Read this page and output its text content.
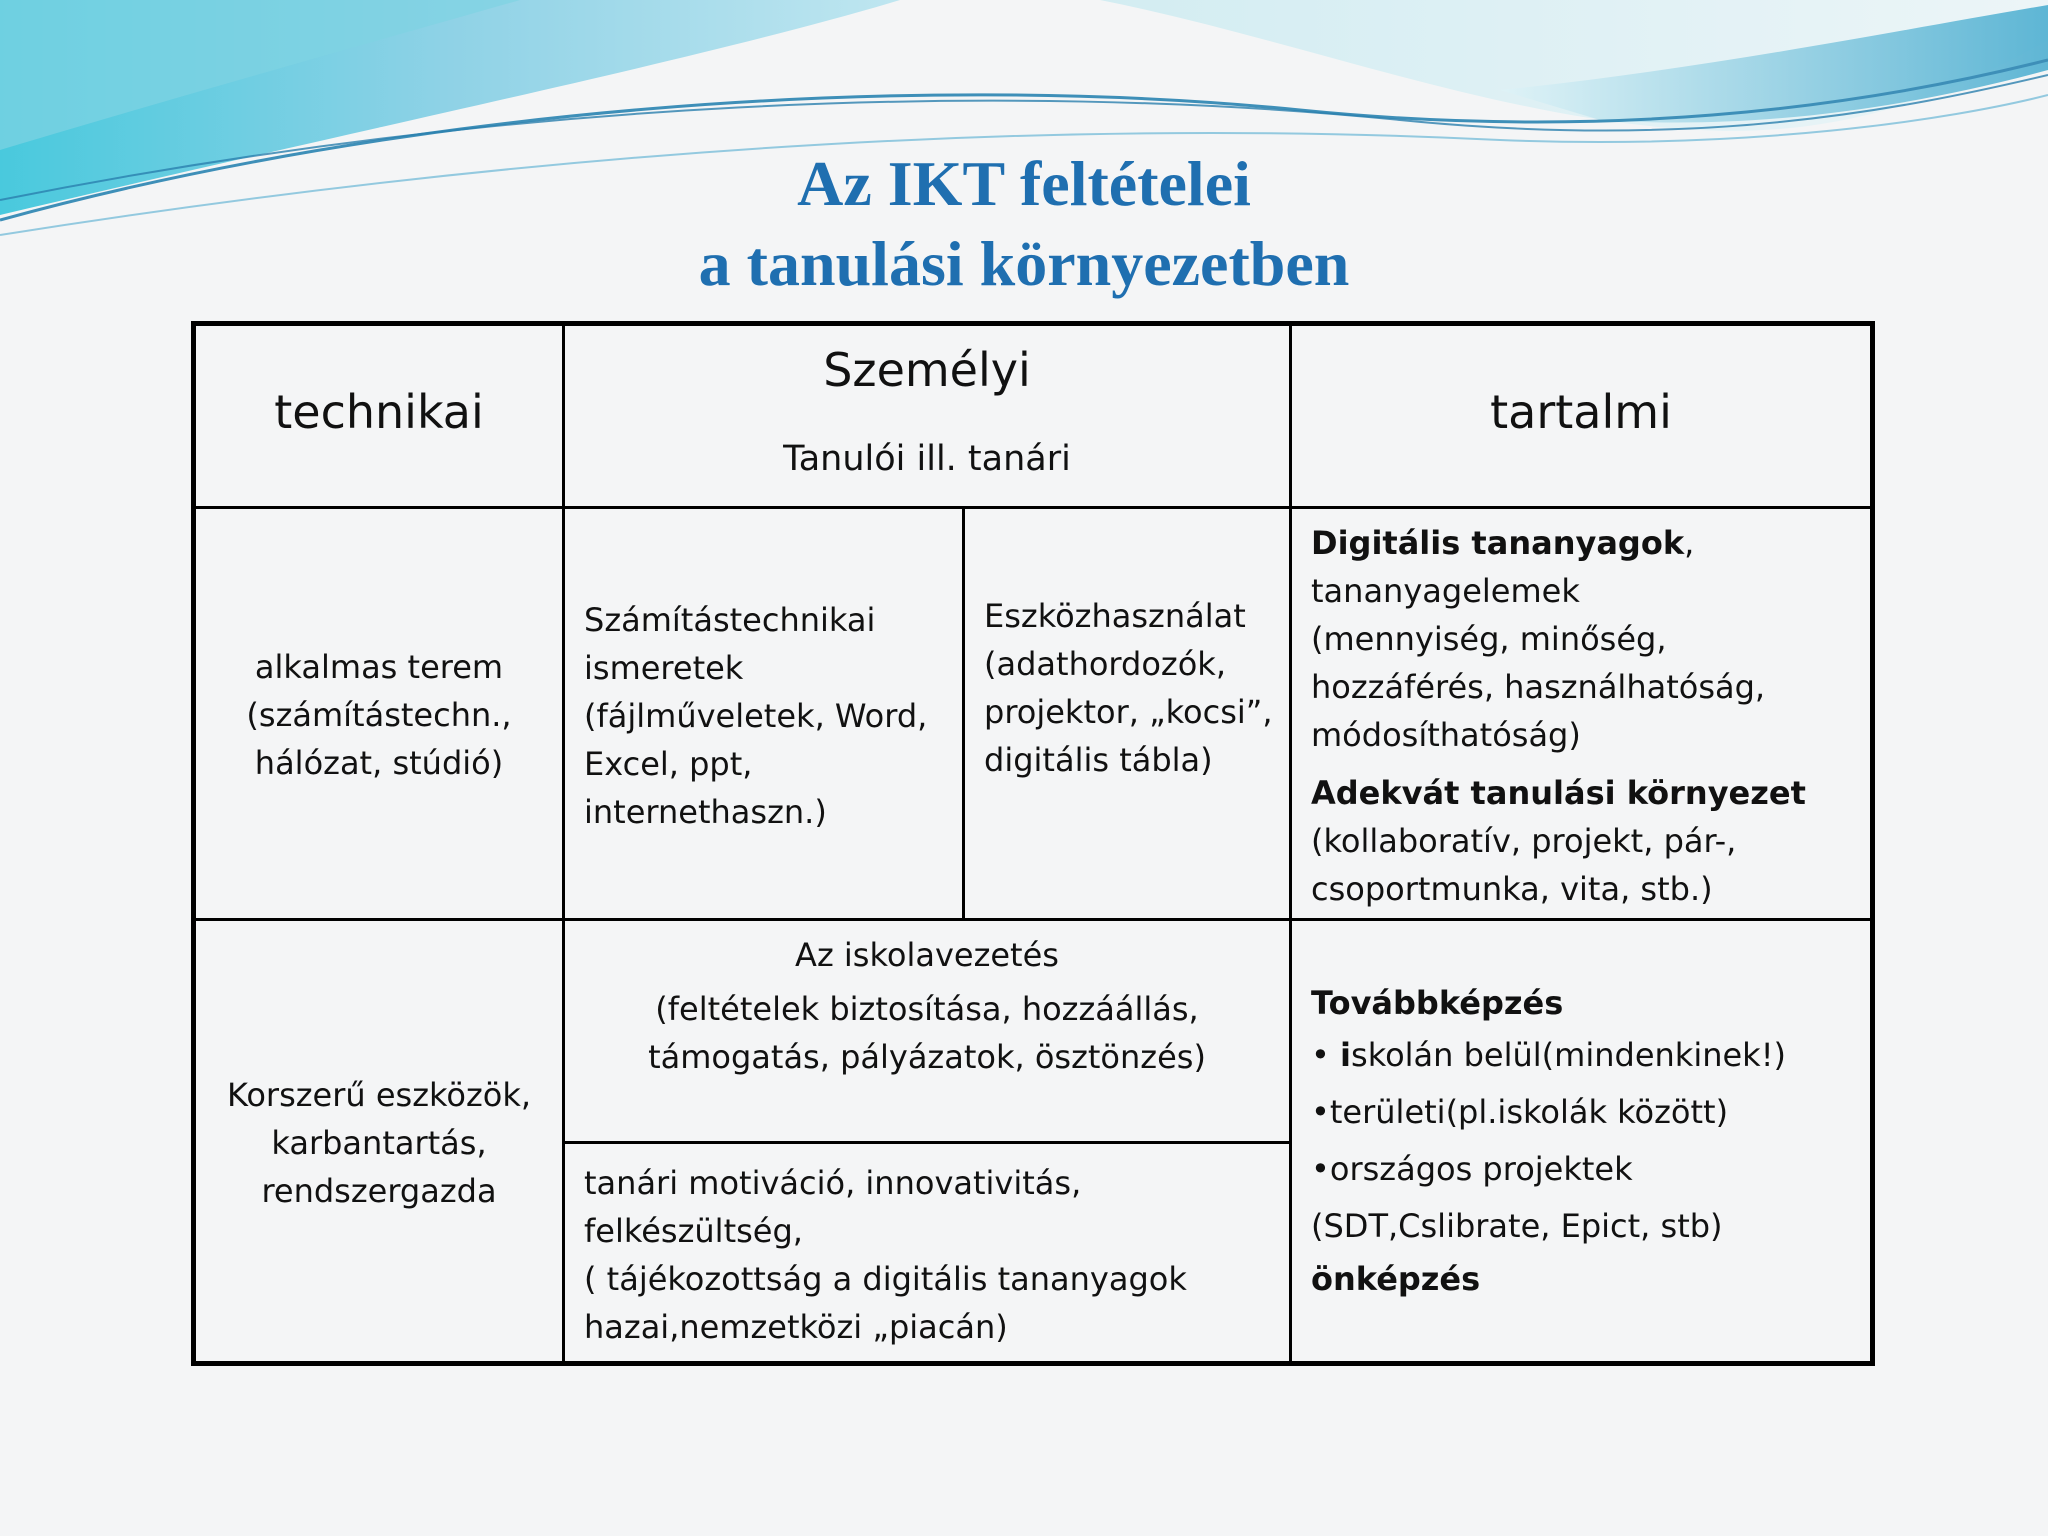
Az IKT feltételei
a tanulási környezetben
technikai
Személyi
Tanulói ill. tanári
tartalmi
alkalmas terem
(számítástechn.,
hálózat, stúdió)
Számítástechnikai
ismeretek
(fájlműveletek, Word,
Excel, ppt,
internethaszn.)
Eszközhasználat
(adathordozók,
projektor, „kocsi”,
digitális tábla)
Digitális tananyagok,
tananyagelemek
(mennyiség, minőség,
hozzáférés, használhatóság,
módosíthatóság)
Adekvát tanulási környezet
(kollaboratív, projekt, pár-,
csoportmunka, vita, stb.)
Korszerű eszközök,
karbantartás,
rendszergazda
Az iskolavezetés
(feltételek biztosítása, hozzáállás,
támogatás, pályázatok, ösztönzés)
tanári motiváció, innovativitás,
felkészültség,
( tájékozottság a digitális tananyagok
hazai,nemzetközi „piacán)
Továbbképzés
• iskolán belül(mindenkinek!)
•területi(pl.iskolák között)
•országos projektek
(SDT,Cslibrate, Epict, stb)
önképzés
